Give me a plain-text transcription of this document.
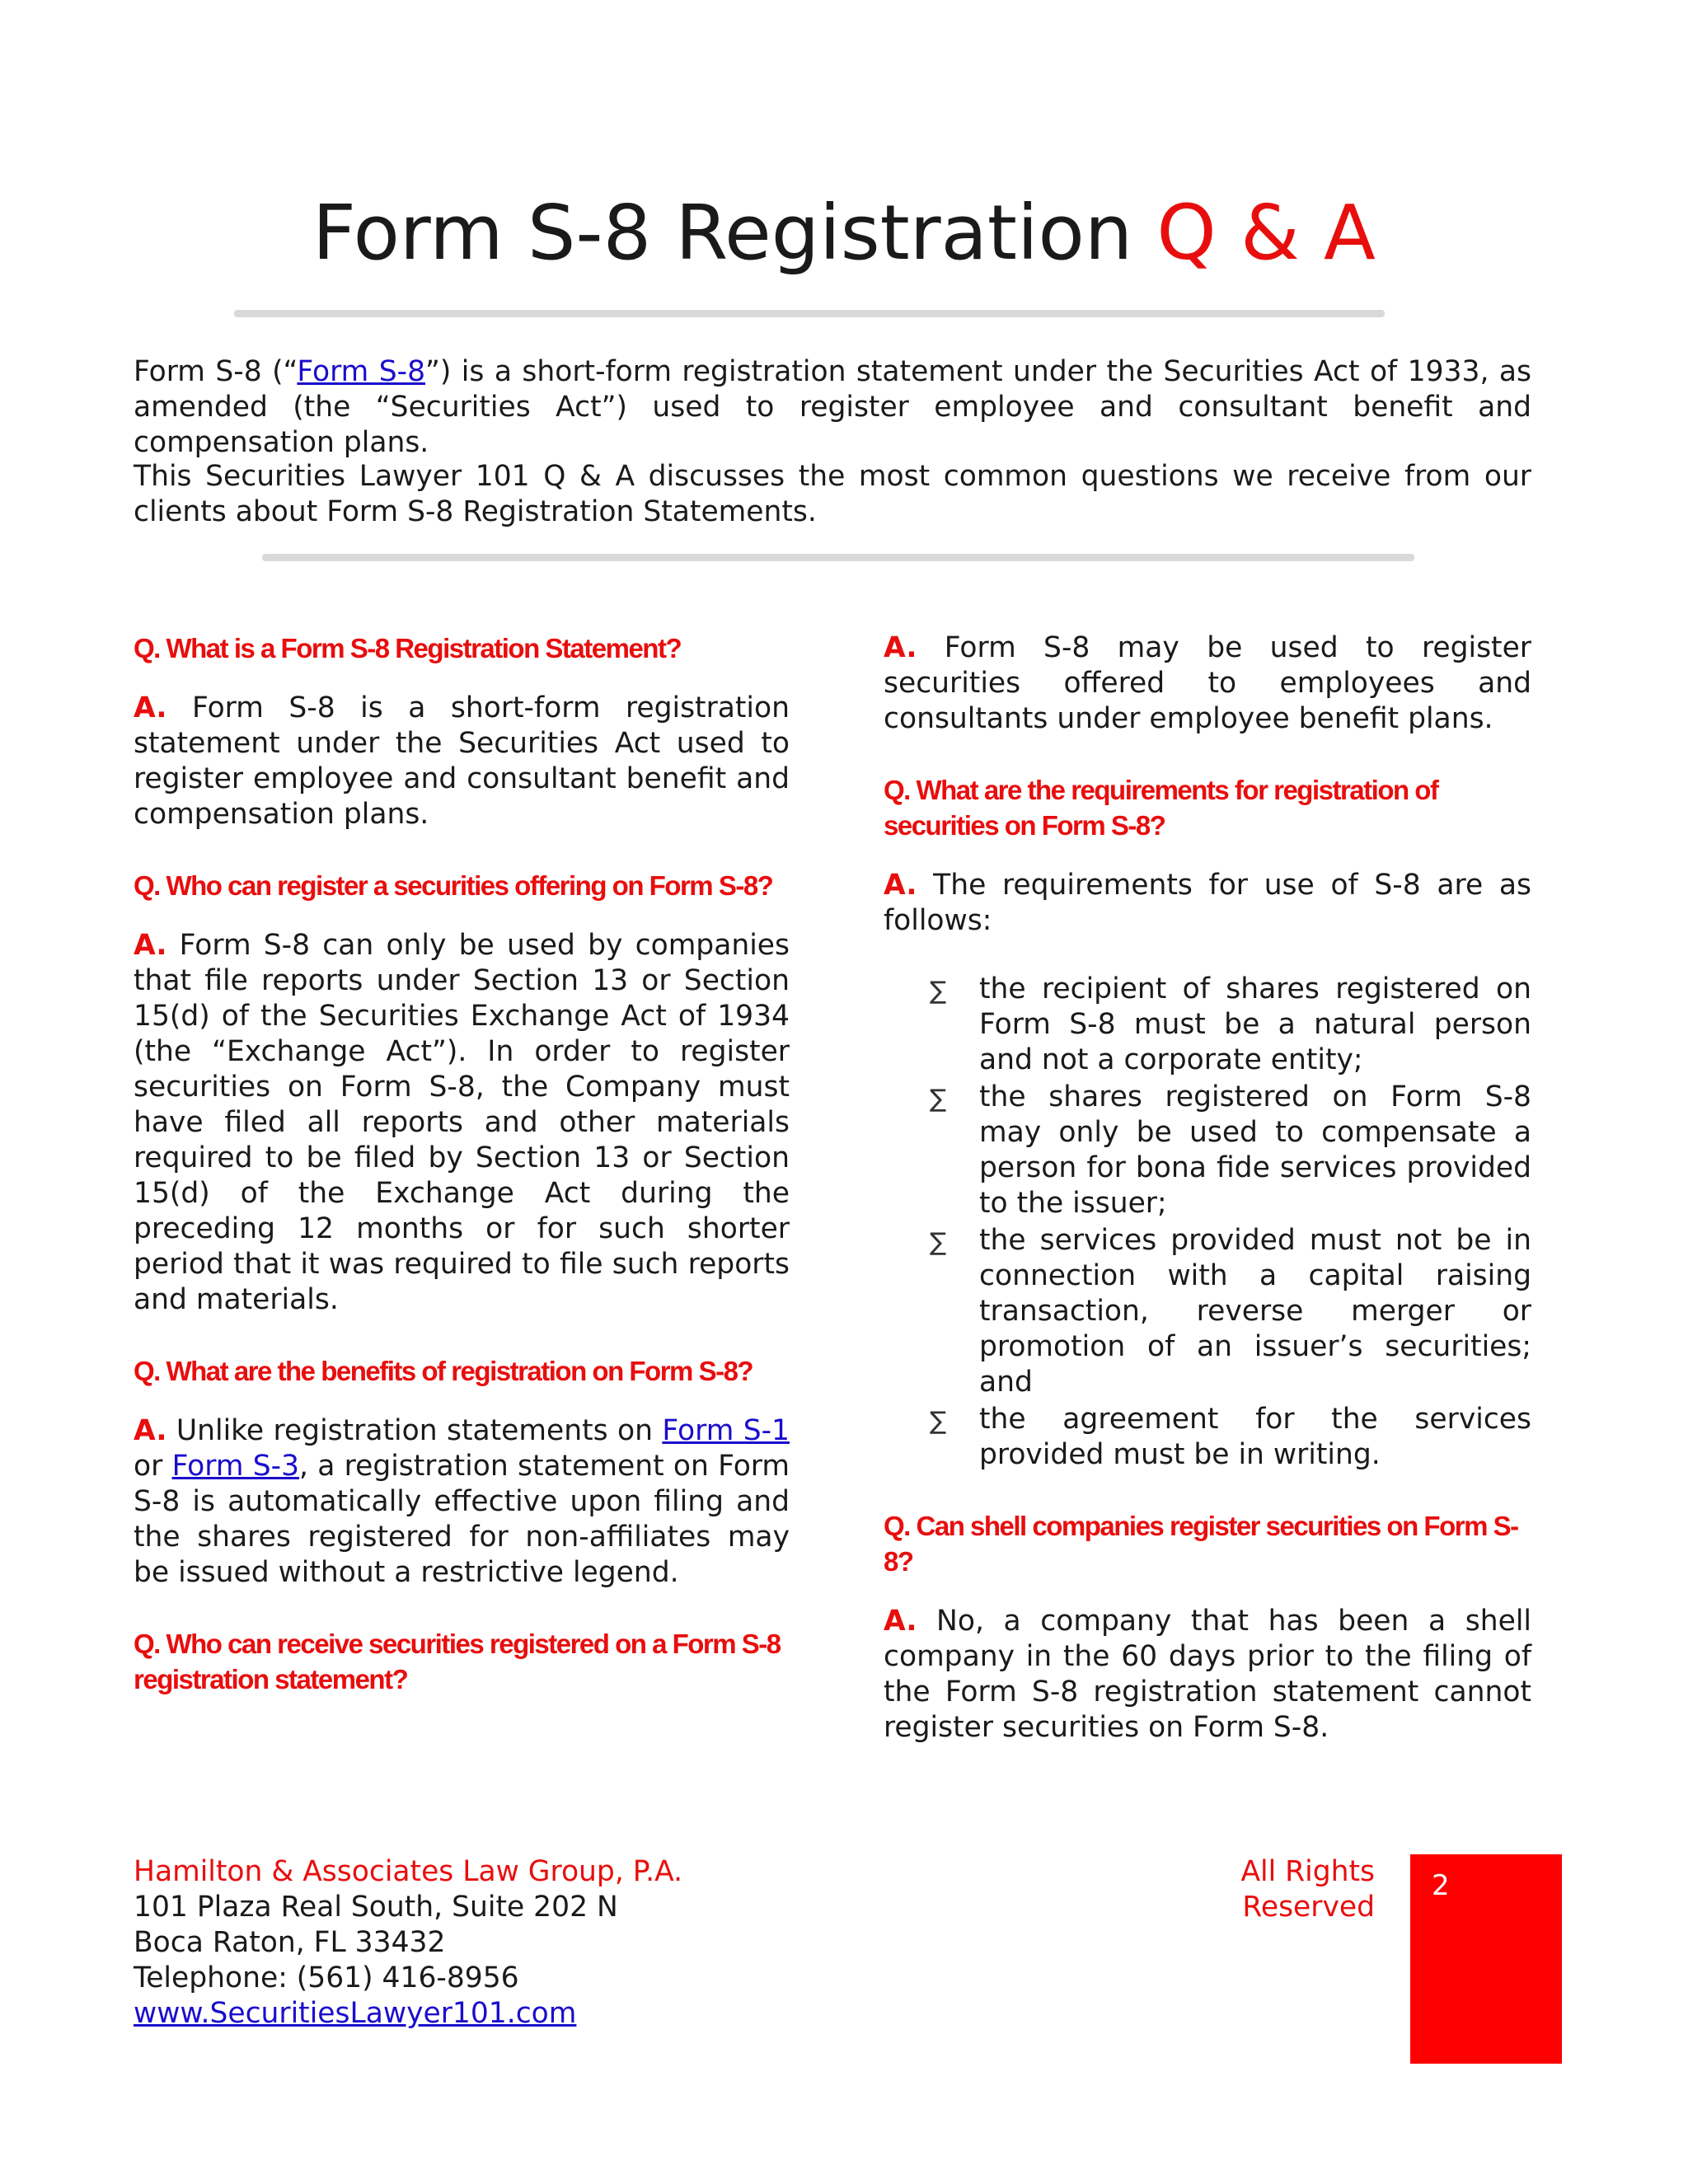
Form S-8 Registration Q & A

Form S-8 (“Form S-8”) is a short-form registration statement under the Securities Act of 1933, as amended (the “Securities Act”) used to register employee and consultant benefit and compensation plans.

This Securities Lawyer 101 Q & A discusses the most common questions we receive from our clients about Form S-8 Registration Statements.

Q. What is a Form S-8 Registration Statement?

A. Form S-8 is a short-form registration statement under the Securities Act used to register employee and consultant benefit and compensation plans.

Q. Who can register a securities offering on Form S-8?

A. Form S-8 can only be used by companies that file reports under Section 13 or Section 15(d) of the Securities Exchange Act of 1934 (the “Exchange Act”). In order to register securities on Form S-8, the Company must have filed all reports and other materials required to be filed by Section 13 or Section 15(d) of the Exchange Act during the preceding 12 months or for such shorter period that it was required to file such reports and materials.

Q. What are the benefits of registration on Form S-8?

A. Unlike registration statements on Form S-1 or Form S-3, a registration statement on Form S-8 is automatically effective upon filing and the shares registered for non-affiliates may be issued without a restrictive legend.

Q. Who can receive securities registered on a Form S-8 registration statement?

A. Form S-8 may be used to register securities offered to employees and consultants under employee benefit plans.

Q. What are the requirements for registration of securities on Form S-8?

A. The requirements for use of S-8 are as follows:

∑ the recipient of shares registered on Form S-8 must be a natural person and not a corporate entity;
∑ the shares registered on Form S-8 may only be used to compensate a person for bona fide services provided to the issuer;
∑ the services provided must not be in connection with a capital raising transaction, reverse merger or promotion of an issuer’s securities; and
∑ the agreement for the services provided must be in writing.

Q. Can shell companies register securities on Form S-8?

A. No, a company that has been a shell company in the 60 days prior to the filing of the Form S-8 registration statement cannot register securities on Form S-8.

Hamilton & Associates Law Group, P.A.
101 Plaza Real South, Suite 202 N
Boca Raton, FL 33432
Telephone: (561) 416-8956
www.SecuritiesLawyer101.com
All Rights Reserved
2
